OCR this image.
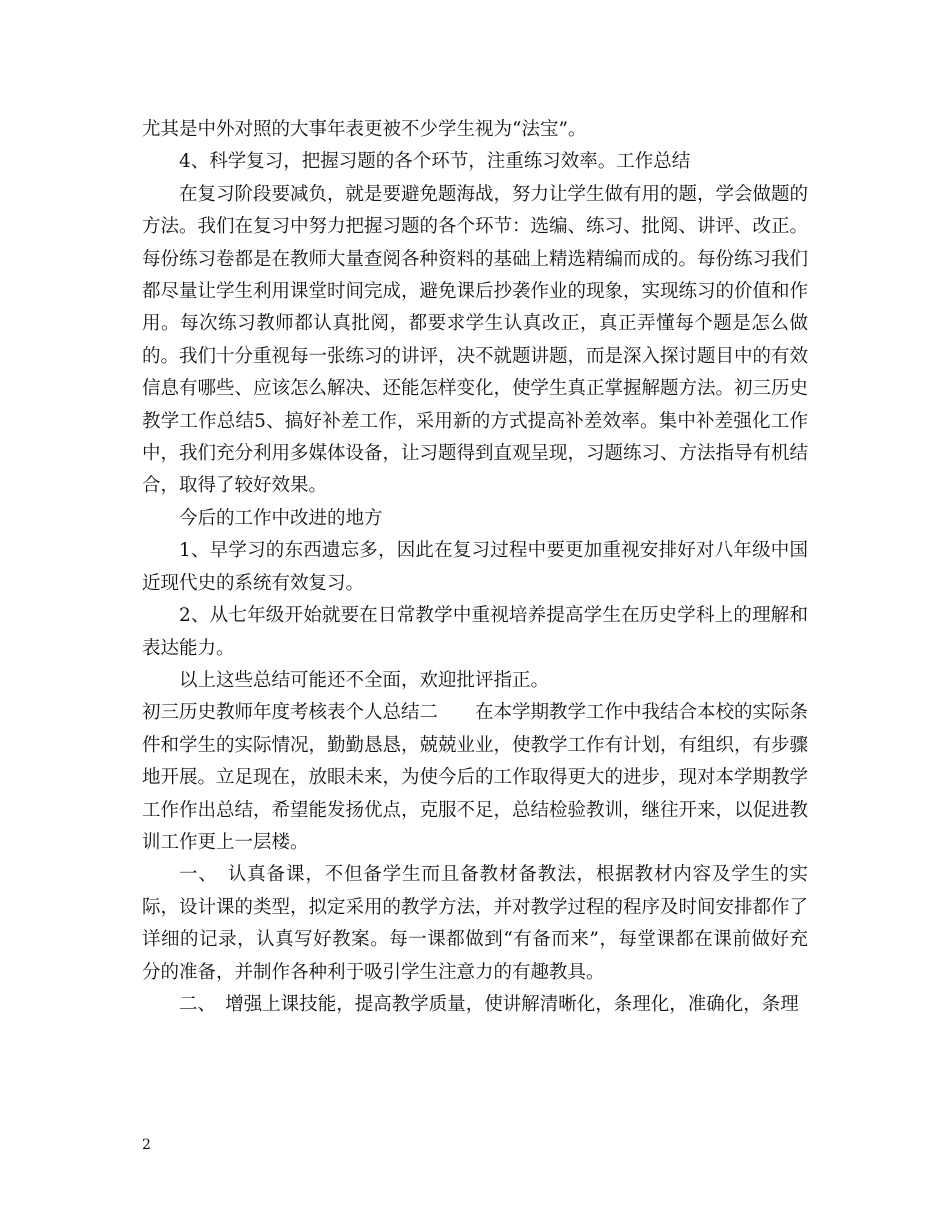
尤其是中外对照的大事年表更被不少学生视为“法宝”。

4、科学复习，把握习题的各个环节，注重练习效率。工作总结

在复习阶段要减负，就是要避免题海战，努力让学生做有用的题，学会做题的方法。我们在复习中努力把握习题的各个环节：选编、练习、批阅、讲评、改正。每份练习卷都是在教师大量查阅各种资料的基础上精选精编而成的。每份练习我们都尽量让学生利用课堂时间完成，避免课后抄袭作业的现象，实现练习的价值和作用。每次练习教师都认真批阅，都要求学生认真改正，真正弄懂每个题是怎么做的。我们十分重视每一张练习的讲评，决不就题讲题，而是深入探讨题目中的有效信息有哪些、应该怎么解决、还能怎样变化，使学生真正掌握解题方法。初三历史教学工作总结5、搞好补差工作，采用新的方式提高补差效率。集中补差强化工作中，我们充分利用多媒体设备，让习题得到直观呈现，习题练习、方法指导有机结合，取得了较好效果。

今后的工作中改进的地方

1、早学习的东西遗忘多，因此在复习过程中要更加重视安排好对八年级中国近现代史的系统有效复习。

2、从七年级开始就要在日常教学中重视培养提高学生在历史学科上的理解和表达能力。

以上这些总结可能还不全面，欢迎批评指正。

初三历史教师年度考核表个人总结二　　在本学期教学工作中我结合本校的实际条件和学生的实际情况，勤勤恳恳，兢兢业业，使教学工作有计划，有组织，有步骤地开展。立足现在，放眼未来，为使今后的工作取得更大的进步，现对本学期教学工作作出总结，希望能发扬优点，克服不足，总结检验教训，继往开来，以促进教训工作更上一层楼。

一、　认真备课，不但备学生而且备教材备教法，根据教材内容及学生的实际，设计课的类型，拟定采用的教学方法，并对教学过程的程序及时间安排都作了详细的记录，认真写好教案。每一课都做到“有备而来”，每堂课都在课前做好充分的准备，并制作各种利于吸引学生注意力的有趣教具。

二、　增强上课技能，提高教学质量，使讲解清晰化，条理化，准确化，条理

2
